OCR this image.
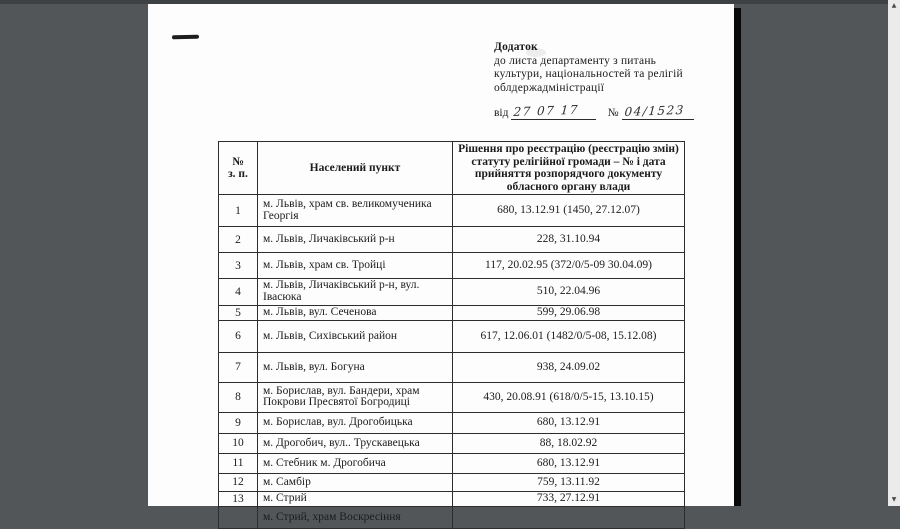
Додаток
до листа департаменту з питань
культури, національностей та релігій
облдержадміністрації
від 27 07 17 № 04/1523
№
з. п.	Населений пункт	Рішення про реєстрацію (реєстрацію змін) статуту релігійної громади – № і дата прийняття розпорядчого документу обласного органу влади
1	м. Львів, храм св. великомученика Георгія	680, 13.12.91 (1450, 27.12.07)
2	м. Львів, Личаківський р-н	228, 31.10.94
3	м. Львів, храм св. Тройці	117, 20.02.95 (372/0/5-09 30.04.09)
4	м. Львів, Личаківський р-н, вул. Івасюка	510, 22.04.96
5	м. Львів, вул. Сеченова	599, 29.06.98
6	м. Львів, Сихівський район	617, 12.06.01 (1482/0/5-08, 15.12.08)
7	м. Львів, вул. Богуна	938, 24.09.02
8	м. Борислав, вул. Бандери, храм Покрови Пресвятої Богродиці	430, 20.08.91 (618/0/5-15, 13.10.15)
9	м. Борислав, вул. Дрогобицька	680, 13.12.91
10	м. Дрогобич, вул.. Трускавецька	88, 18.02.92
11	м. Стебник м. Дрогобича	680, 13.12.91
12	м. Самбір	759, 13.11.92
13	м. Стрий	733, 27.12.91
	м. Стрий, храм Воскресіння	
▲
▼
